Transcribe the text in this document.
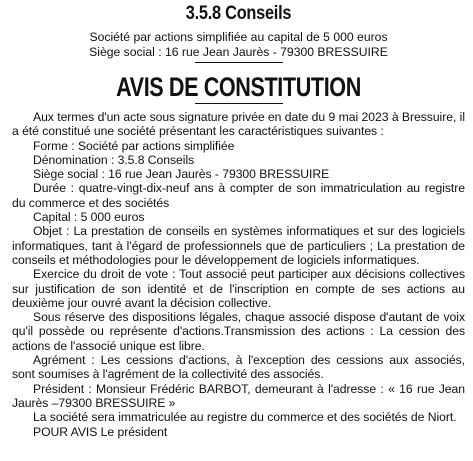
3.5.8 Conseils

Société par actions simplifiée au capital de 5 000 euros

Siège social : 16 rue Jean Jaurès - 79300 BRESSUIRE

AVIS DE CONSTITUTION

Aux termes d'un acte sous signature privée en date du 9 mai 2023 à Bressuire, il a été constitué une société présentant les caractéristiques suivantes :

Forme : Société par actions simplifiée

Dénomination : 3.5.8 Conseils

Siège social : 16 rue Jean Jaurès - 79300 BRESSUIRE

Durée : quatre-vingt-dix-neuf ans à compter de son immatriculation au registre du commerce et des sociétés

Capital : 5 000 euros

Objet : La prestation de conseils en systèmes informatiques et sur des logiciels informatiques, tant à l'égard de professionnels que de particuliers ; La prestation de conseils et méthodologies pour le développement de logiciels informatiques.

Exercice du droit de vote : Tout associé peut participer aux décisions collectives sur justification de son identité et de l'inscription en compte de ses actions au deuxième jour ouvré avant la décision collective.

Sous réserve des dispositions légales, chaque associé dispose d'autant de voix qu'il possède ou représente d'actions.Transmission des actions : La cession des actions de l'associé unique est libre.

Agrément : Les cessions d'actions, à l'exception des cessions aux associés, sont soumises à l'agrément de la collectivité des associés.

Président : Monsieur Frédéric BARBOT, demeurant à l'adresse : « 16 rue Jean Jaurès –79300 BRESSUIRE »

La société sera immatriculée au registre du commerce et des sociétés de Niort.

POUR AVIS Le président
